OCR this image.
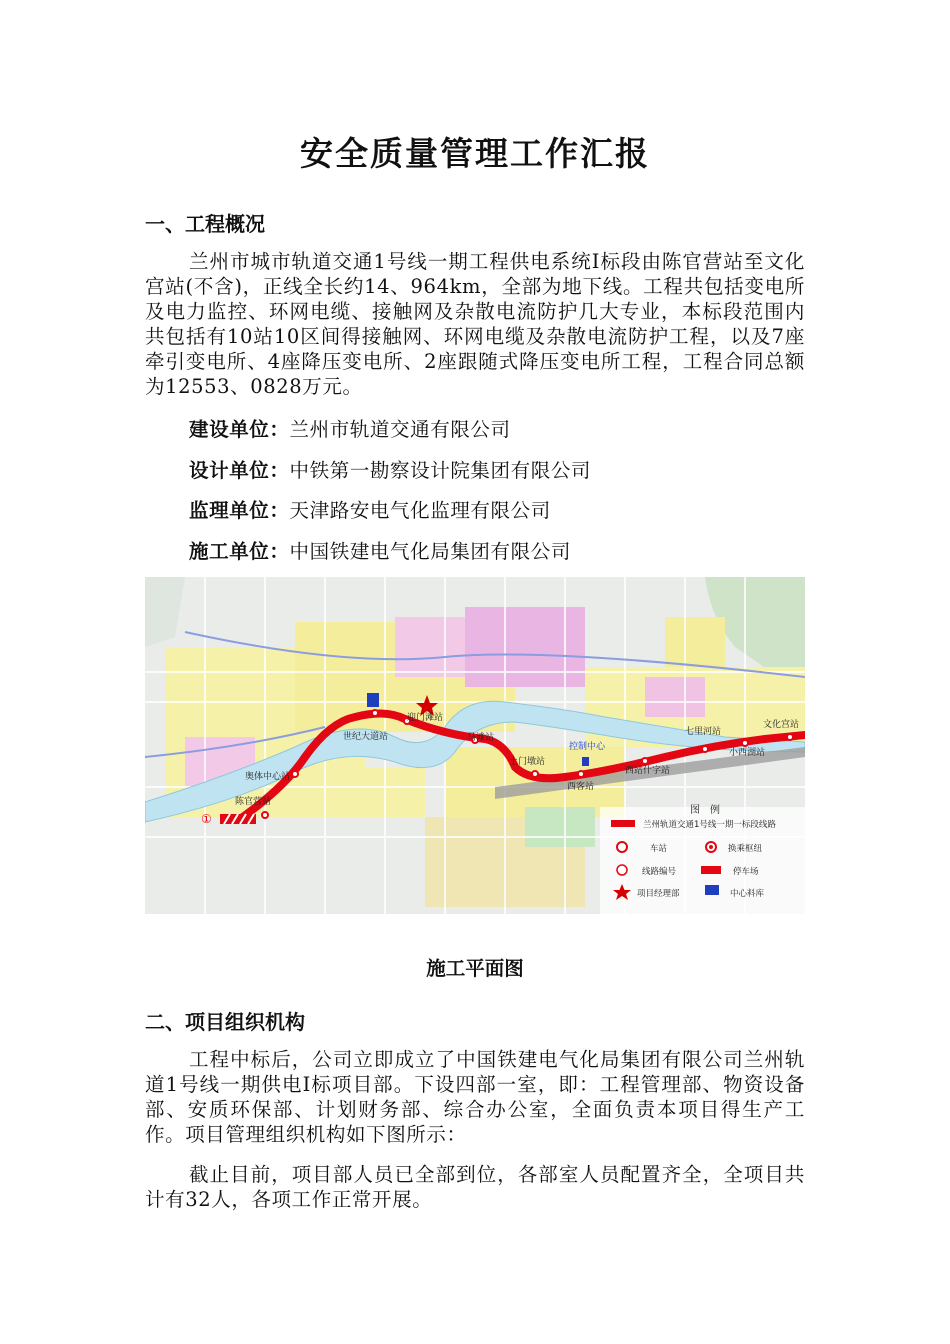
安全质量管理工作汇报
一、工程概况
兰州市城市轨道交通1号线一期工程供电系统Ⅰ标段由陈官营站至文化宫站(不含)，正线全长约14、964km，全部为地下线。工程共包括变电所及电力监控、环网电缆、接触网及杂散电流防护几大专业，本标段范围内共包括有10站10区间得接触网、环网电缆及杂散电流防护工程，以及7座牵引变电所、4座降压变电所、2座跟随式降压变电所工程，工程合同总额为12553、0828万元。
建设单位：兰州市轨道交通有限公司
设计单位：中铁第一勘察设计院集团有限公司
监理单位：天津路安电气化监理有限公司
施工单位：中国铁建电气化局集团有限公司
①
陈官营站
奥体中心站
世纪大道站
迎门滩站
马滩站
土门墩站
西客站
西站什字站
七里河站
小西湖站
文化宫站
控制中心
图　例
兰州轨道交通1号线一期一标段线路
车站	换乘枢纽
线路编号	停车场
项目经理部	中心料库
施工平面图
二、项目组织机构
工程中标后，公司立即成立了中国铁建电气化局集团有限公司兰州轨道1号线一期供电Ⅰ标项目部。下设四部一室，即：工程管理部、物资设备部、安质环保部、计划财务部、综合办公室，全面负责本项目得生产工作。项目管理组织机构如下图所示：
截止目前，项目部人员已全部到位，各部室人员配置齐全，全项目共计有32人，各项工作正常开展。
